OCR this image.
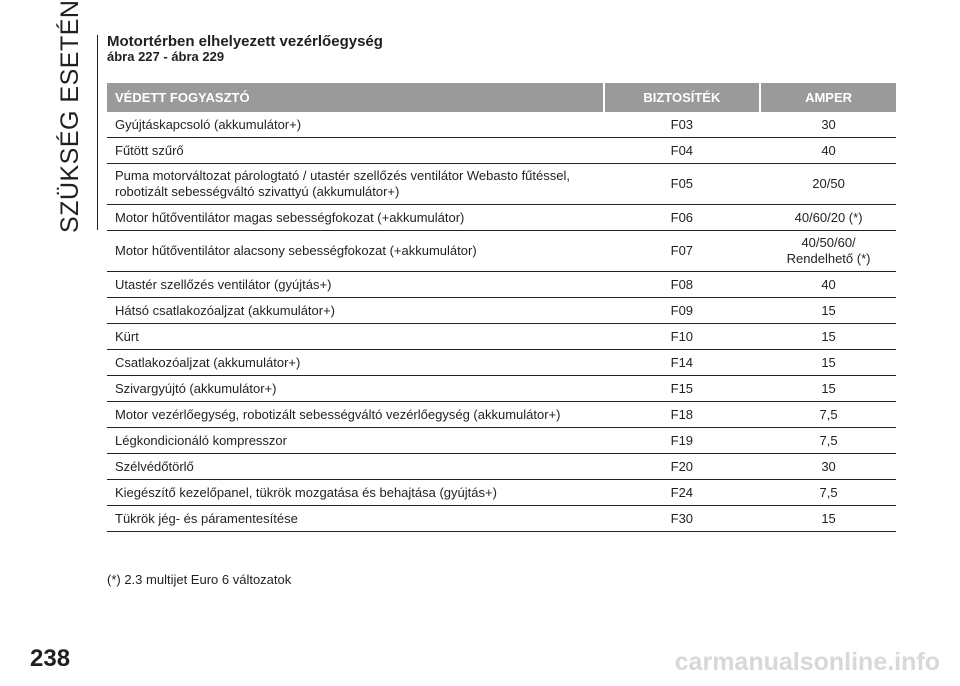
SZÜKSÉG ESETÉN Motortérben elhelyezett vezérlőegység
ábra 227 - ábra 229
VÉDETT FOGYASZTÓ		BIZTOSÍTÉK		AMPER
Gyújtáskapcsoló (akkumulátor+)		F03		30
Fűtött szűrő		F04		40
Puma motorváltozat párologtató / utastér szellőzés ventilátor Webasto fűtéssel, robotizált sebességváltó szivattyú (akkumulátor+)		F05		20/50
Motor hűtőventilátor magas sebességfokozat (+akkumulátor)		F06		40/60/20 (*)
Motor hűtőventilátor alacsony sebességfokozat (+akkumulátor)		F07		40/50/60/ Rendelhető (*)
Utastér szellőzés ventilátor (gyújtás+)		F08		40
Hátsó csatlakozóaljzat (akkumulátor+)		F09		15
Kürt		F10		15
Csatlakozóaljzat (akkumulátor+)		F14		15
Szivargyújtó (akkumulátor+)		F15		15
Motor vezérlőegység, robotizált sebességváltó vezérlőegység (akkumulátor+)		F18		7,5
Légkondicionáló kompresszor		F19		7,5
Szélvédőtörlő		F20		30
Kiegészítő kezelőpanel, tükrök mozgatása és behajtása (gyújtás+)		F24		7,5
Tükrök jég- és páramentesítése		F30		15
(*) 2.3 multijet Euro 6 változatok
238	carmanualsonline.info
